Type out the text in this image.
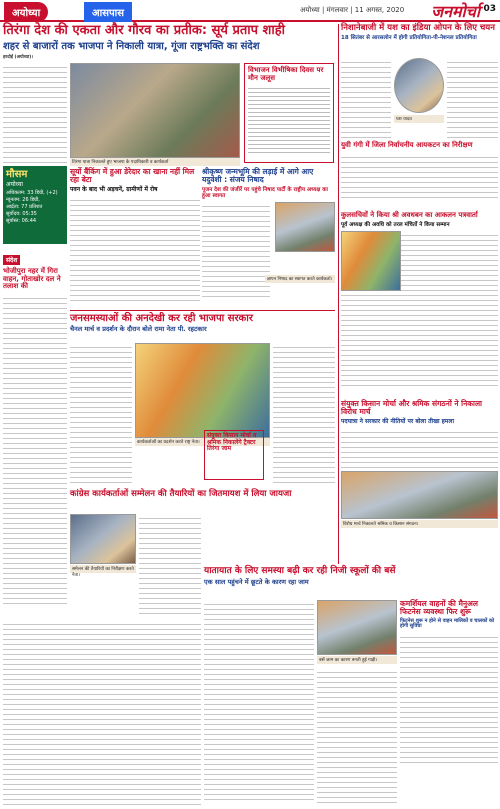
अयोध्या	आसपास	अयोध्या | मंगलवार | 11 अगस्त, 2020 जनमोर्चा 03
तिरंगा देश की एकता और गौरव का प्रतीक: सूर्य प्रताप शाही
शहर से बाजारों तक भाजपा ने निकाली यात्रा, गूंजा राष्ट्रभक्ति का संदेश
हरदोई (अयोध्या)।
विभाजन विभीषिका दिवस पर मौन जलूस
तिरंगा यात्रा निकालते हुए भाजपा के पदाधिकारी व कार्यकर्ता
मौसम
अयोध्या
अधिकतम: 33 डिग्री, (+2)
न्यूनतम: 26 डिग्री,
आर्द्रता: 77 प्रतिशत
सूर्योदय: 05:35
सूर्यास्त: 06:44
संदेश
भोजीपुरा नहर में गिरा वाहन, गोताखोर दल ने तलाश की
सूर्यो बैंकिंग में हुआ डेरेदार का खाना नहीं मिल रहा बेटा
पवन के बाद भी अड़चनें, ग्रामीणों में रोष
श्रीकृष्ण जन्मभूमि की लड़ाई में आगे आए यदुवंशी : संजय निषाद
पूजन देश की जंजीरें पर पहुंचे निषाद पार्टी के राष्ट्रीय अध्यक्ष का हुआ स्वागत
ज्ञापन निषाद का स्वागत करते कार्यकर्ता।
जनसमस्याओं की अनदेखी कर रही भाजपा सरकार
चैनल मार्च व प्रदर्शन के दौरान बोले रामा नेता पी. रहटकार
कार्यकर्ताओं का प्रदर्शन करते राष्ट्र नेता।
कांग्रेस कार्यकर्ताओं सम्मेलन की तैयारियों का जितमायश में लिया जायजा
समेलन की तैयारियों का निरीक्षण करते नेता।
संयुक्त किसान मोर्चा व श्रमिक निकालेंगे ट्रैक्टर तिरंगा जाम
यातायात के लिए समस्या बढ़ी कर रही निजी स्कूलों की बसें
एक साल पहुंचने में छूटते के कारण रहा जाम
बसें जाम का कारण बनती हुई गाड़ी।
निशानेबाजी में यश का इंडिया ओपन के लिए चयन
18 सितंबर से आरसलोन में होगी प्रतियोगिता-पी-नेशनल प्रतियोगिता
यश यादव
युवी गंगी में जिला निर्वाचनीय आयकटन का निरीक्षण
कुलसचिवों ने किया श्री अवधबन का आकलन पत्रवार्ता
पूर्व अध्यक्ष की अवधि को तरल मंचितों ने किया सम्मान
संयुक्त किसान मोर्चा और श्रमिक संगठनों ने निकाला विरोध मार्च
पदयात्रा ने सरकार की नीतियों पर बोला तीखा हमला
विरोध मार्च निकालते श्रमिक व किसान संगठन।
कमर्शियल वाहनों की मैनुअल फिटनेस व्यवस्था फिर शुरू
फिटनेस शुरू न होने से वाहन मालिकों व चालकों को होगी सुविधा
